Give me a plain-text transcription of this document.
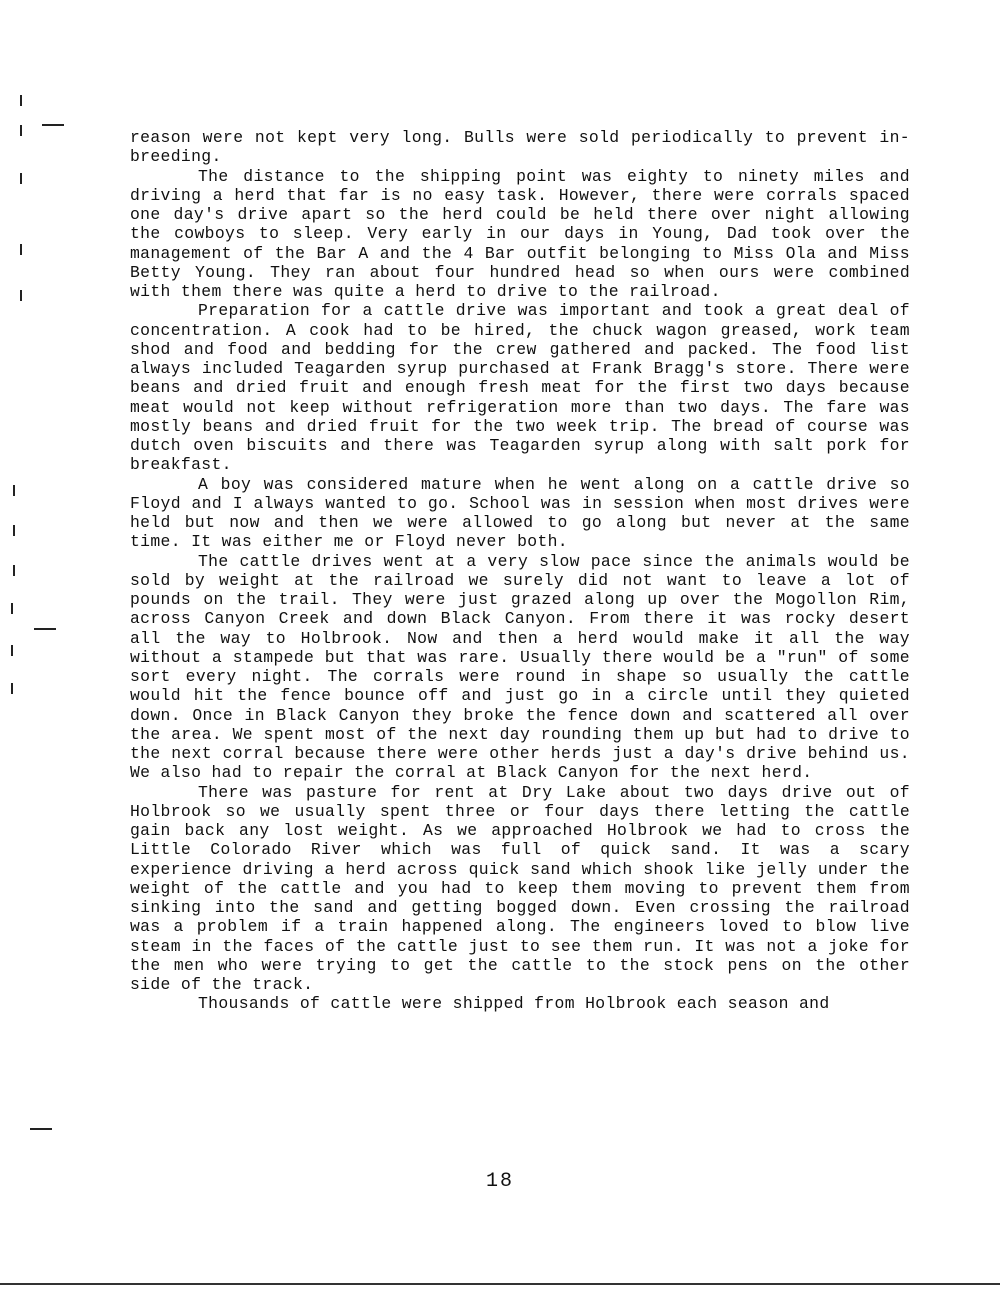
reason were not kept very long. Bulls were sold periodically to prevent in-breeding.

The distance to the shipping point was eighty to ninety miles and driving a herd that far is no easy task. However, there were corrals spaced one day's drive apart so the herd could be held there over night allowing the cowboys to sleep. Very early in our days in Young, Dad took over the management of the Bar A and the 4 Bar outfit belonging to Miss Ola and Miss Betty Young. They ran about four hundred head so when ours were combined with them there was quite a herd to drive to the railroad.

Preparation for a cattle drive was important and took a great deal of concentration. A cook had to be hired, the chuck wagon greased, work team shod and food and bedding for the crew gathered and packed. The food list always included Teagarden syrup purchased at Frank Bragg's store. There were beans and dried fruit and enough fresh meat for the first two days because meat would not keep without refrigeration more than two days. The fare was mostly beans and dried fruit for the two week trip. The bread of course was dutch oven biscuits and there was Teagarden syrup along with salt pork for breakfast.

A boy was considered mature when he went along on a cattle drive so Floyd and I always wanted to go. School was in session when most drives were held but now and then we were allowed to go along but never at the same time. It was either me or Floyd never both.

The cattle drives went at a very slow pace since the animals would be sold by weight at the railroad we surely did not want to leave a lot of pounds on the trail. They were just grazed along up over the Mogollon Rim, across Canyon Creek and down Black Canyon. From there it was rocky desert all the way to Holbrook. Now and then a herd would make it all the way without a stampede but that was rare. Usually there would be a "run" of some sort every night. The corrals were round in shape so usually the cattle would hit the fence bounce off and just go in a circle until they quieted down. Once in Black Canyon they broke the fence down and scattered all over the area. We spent most of the next day rounding them up but had to drive to the next corral because there were other herds just a day's drive behind us. We also had to repair the corral at Black Canyon for the next herd.

There was pasture for rent at Dry Lake about two days drive out of Holbrook so we usually spent three or four days there letting the cattle gain back any lost weight. As we approached Holbrook we had to cross the Little Colorado River which was full of quick sand. It was a scary experience driving a herd across quick sand which shook like jelly under the weight of the cattle and you had to keep them moving to prevent them from sinking into the sand and getting bogged down. Even crossing the railroad was a problem if a train happened along. The engineers loved to blow live steam in the faces of the cattle just to see them run. It was not a joke for the men who were trying to get the cattle to the stock pens on the other side of the track.

Thousands of cattle were shipped from Holbrook each season and

18
